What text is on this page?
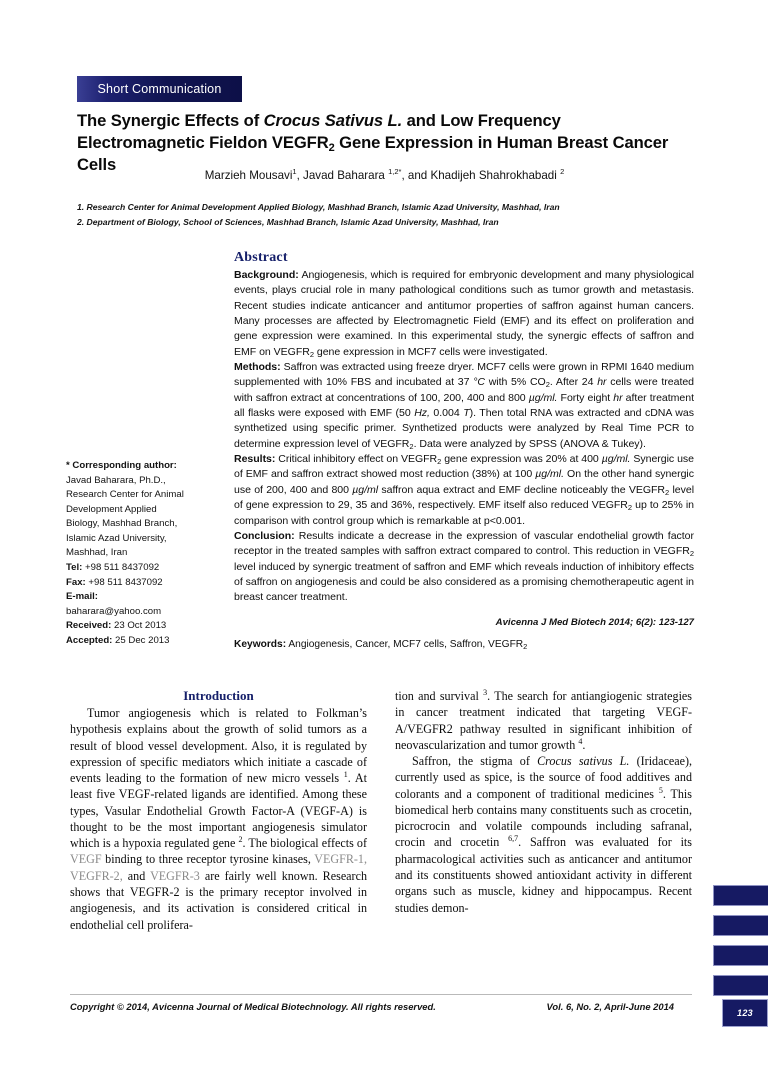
123
Short Communication
The Synergic Effects of Crocus Sativus L. and Low Frequency Electromagnetic Fieldon $VEGFR_2$ Gene Expression in Human Breast Cancer Cells
Marzieh Mousavi$^1$, Javad Baharara $^{1,2*}$, and Khadijeh Shahrokhabadi $^2$
1. Research Center for Animal Development Applied Biology, Mashhad Branch, Islamic Azad University, Mashhad, Iran
2. Department of Biology, School of Sciences, Mashhad Branch, Islamic Azad University, Mashhad, Iran
* Corresponding author:
Javad Baharara, Ph.D.,
Research Center for Animal
Development Applied
Biology, Mashhad Branch,
Islamic Azad University,
Mashhad, Iran
Tel: +98 511 8437092
Fax: +98 511 8437092
E-mail:
baharara@yahoo.com
Received: 23 Oct 2013
Accepted: 25 Dec 2013
Abstract

Background: Angiogenesis, which is required for embryonic development and many physiological events, plays crucial role in many pathological conditions such as tumor growth and metastasis. Recent studies indicate anticancer and antitumor properties of saffron against human cancers. Many processes are affected by Electromagnetic Field (EMF) and its effect on proliferation and gene expression were examined. In this experimental study, the synergic effects of saffron and EMF on $VEGFR_2$ gene expression in MCF7 cells were investigated.

Methods: Saffron was extracted using freeze dryer. MCF7 cells were grown in RPMI 1640 medium supplemented with 10% FBS and incubated at 37 °C with 5% $CO_2$. After 24 hr cells were treated with saffron extract at concentrations of 100, 200, 400 and 800 µg/ml. Forty eight hr after treatment all flasks were exposed with EMF (50 Hz, 0.004 T). Then total RNA was extracted and cDNA was synthetized using specific primer. Synthetized products were analyzed by Real Time PCR to determine expression level of $VEGFR_2$. Data were analyzed by SPSS (ANOVA & Tukey).

Results: Critical inhibitory effect on $VEGFR_2$ gene expression was 20% at 400 µg/ml. Synergic use of EMF and saffron extract showed most reduction (38%) at 100 µg/ml. On the other hand synergic use of 200, 400 and 800 µg/ml saffron aqua extract and EMF decline noticeably the $VEGFR_2$ level of gene expression to 29, 35 and 36%, respectively. EMF itself also reduced $VEGFR_2$ up to 25% in comparison with control group which is remarkable at p<0.001.

Conclusion: Results indicate a decrease in the expression of vascular endothelial growth factor receptor in the treated samples with saffron extract compared to control. This reduction in $VEGFR_2$ level induced by synergic treatment of saffron and EMF which reveals induction of inhibitory effects of saffron on angiogenesis and could be also considered as a promising chemotherapeutic agent in breast cancer treatment.

Avicenna J Med Biotech 2014; 6(2): 123-127
Keywords: Angiogenesis, Cancer, MCF7 cells, Saffron, $VEGFR_2$
Introduction

Tumor angiogenesis which is related to Folkman’s hypothesis explains about the growth of solid tumors as a result of blood vessel development. Also, it is regulated by expression of specific mediators which initiate a cascade of events leading to the formation of new micro vessels $^1$. At least five VEGF-related ligands are identified. Among these types, Vasular Endothelial Growth Factor-A (VEGF-A) is thought to be the most important angiogenesis simulator which is a hypoxia regulated gene $^2$. The biological effects of VEGF binding to three receptor tyrosine kinases, VEGFR-1, VEGFR-2, and VEGFR-3 are fairly well known. Research shows that VEGFR-2 is the primary receptor involved in angiogenesis, and its activation is considered critical in endothelial cell prolifera-

tion and survival $^3$. The search for antiangiogenic strategies in cancer treatment indicated that targeting VEGF-A/VEGFR2 pathway resulted in significant inhibition of neovascularization and tumor growth $^4$.

Saffron, the stigma of Crocus sativus L. (Iridaceae), currently used as spice, is the source of food additives and colorants and a component of traditional medicines $^5$. This biomedical herb contains many constituents such as crocetin, picrocrocin and volatile compounds including safranal, crocin and crocetin $^{6,7}$. Saffron was evaluated for its pharmacological activities such as anticancer and antitumor and its constituents showed antioxidant activity in different organs such as muscle, kidney and hippocampus. Recent studies demon-

Copyright © 2014, Avicenna Journal of Medical Biotechnology. All rights reserved.	Vol. 6, No. 2, April-June 2014
